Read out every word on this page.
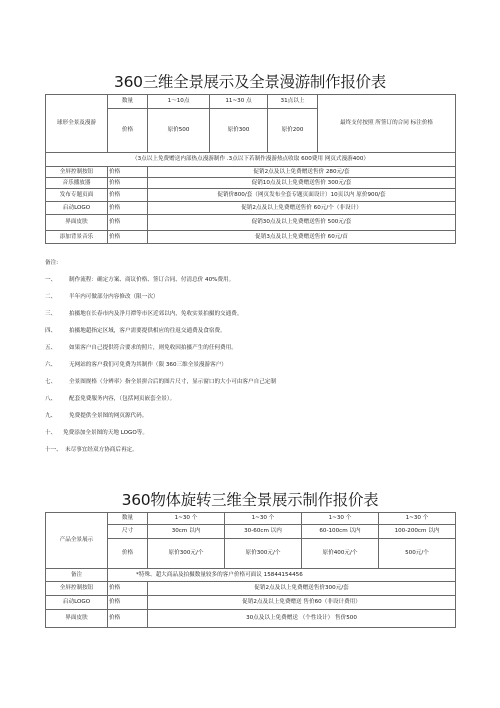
360三维全景展示及全景漫游制作报价表
球形全景及漫游	数量	1～10点	11~30 点	31点以上	最终支付按照 所签订的合同 标注价格
	价格	原价500	原价300	原价200	
（3点以上免费赠送内部热点漫游制作 .3点以下若制作漫游热点收取 600费用 网页式漫游400）					
全屏控制按钮	价格	促销2点及以上免费赠送售价 280元/套			
音乐播放器	价格	促销10点及以上免费赠送售价 300元/套			
发布专题页面	价格	促销价800/套（网页发布全套专题页面设计）10页以内 原价900/套			
启动LOGO	价格	促销2点及以上免费赠送售价 60元/个（非设计）			
界面皮肤	价格	促销30点及以上免费赠送售价 500元/套			
添加背景音乐	价格	促销3点及以上免费赠送售价 60元/首			
备注:
一、 制作流程：确定方案、商议价格、签订合同、付清总价 40%费用。
二、 半年内可做部分内容修改（限一次）
三、 拍摄地在长春市内及净月潭等市区近郊以内，免收实景拍摄的交通费。
四、 拍摄地超指定区域，客户需要提供相应的往返交通费及食宿费。
五、 如果客户自己提供符合要求的照片，则免收因拍摄产生的任何费用。
六、 无网站的客户我们可免费为其制作（限 360三维全景漫游客户）
七、 全景图规格（分辨率）指全景拼合后的图片尺寸，显示窗口的大小可由客户自己定制
八、 配套免费服务内容，（包括网页嵌套全景）。
九、 免费提供全景图的网页源代码。
十、 免费添加全景图的天地 LOGO等。
十一、 未尽事宜经双方协商后再定。
360物体旋转三维全景展示制作报价表
产品全景展示	数量	1~30 个	1~30 个	1~30 个	1~30 个
	尺寸	30cm 以内	30-60cm 以内	60-100cm 以内	100-200cm 以内
	价格	原价300元/个	原价300元/个	原价400元/个	500元/个
备注	*特殊、超大商品及拍摄数量较多的客户价格可面议 15844154456				
全屏控制按钮	价格	促销2点及以上免费赠送售价300元/套			
启动LOGO	价格	促销2点及以上免费赠送 售价60（非设计费用）			
界面皮肤	价格	30点及以上免费赠送 （个性设计） 售价500			
